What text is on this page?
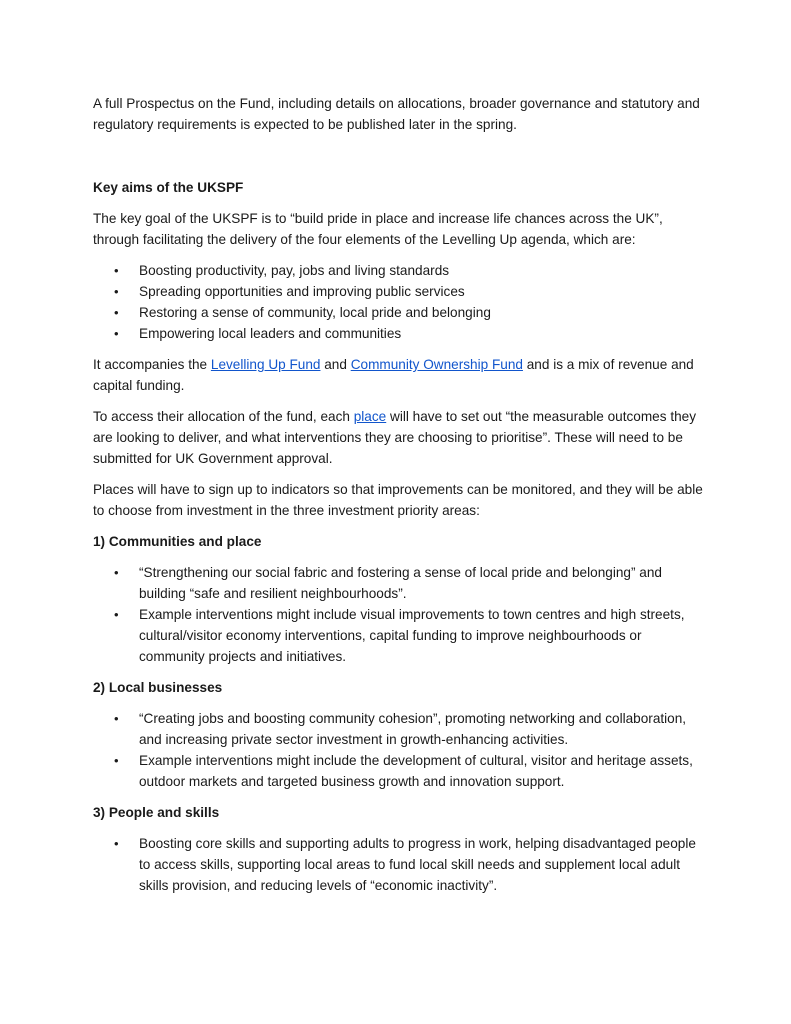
A full Prospectus on the Fund, including details on allocations, broader governance and statutory and regulatory requirements is expected to be published later in the spring.

Key aims of the UKSPF

The key goal of the UKSPF is to “build pride in place and increase life chances across the UK”, through facilitating the delivery of the four elements of the Levelling Up agenda, which are:

• Boosting productivity, pay, jobs and living standards
• Spreading opportunities and improving public services
• Restoring a sense of community, local pride and belonging
• Empowering local leaders and communities

It accompanies the Levelling Up Fund and Community Ownership Fund and is a mix of revenue and capital funding.

To access their allocation of the fund, each place will have to set out “the measurable outcomes they are looking to deliver, and what interventions they are choosing to prioritise”. These will need to be submitted for UK Government approval.

Places will have to sign up to indicators so that improvements can be monitored, and they will be able to choose from investment in the three investment priority areas:

1) Communities and place

• “Strengthening our social fabric and fostering a sense of local pride and belonging” and building “safe and resilient neighbourhoods”.
• Example interventions might include visual improvements to town centres and high streets, cultural/visitor economy interventions, capital funding to improve neighbourhoods or community projects and initiatives.

2) Local businesses

• “Creating jobs and boosting community cohesion”, promoting networking and collaboration, and increasing private sector investment in growth-enhancing activities.
• Example interventions might include the development of cultural, visitor and heritage assets, outdoor markets and targeted business growth and innovation support.

3) People and skills

• Boosting core skills and supporting adults to progress in work, helping disadvantaged people to access skills, supporting local areas to fund local skill needs and supplement local adult skills provision, and reducing levels of “economic inactivity”.
